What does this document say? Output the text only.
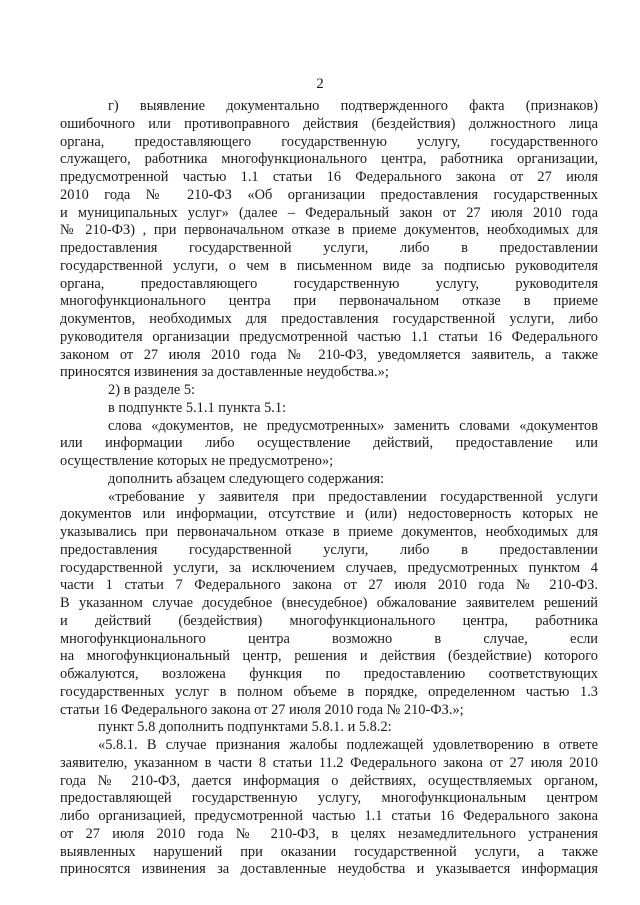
2
г) выявление документально подтвержденного факта (признаков)
ошибочного или противоправного действия (бездействия) должностного лица
органа, предоставляющего государственную услугу, государственного
служащего, работника многофункционального центра, работника организации,
предусмотренной частью 1.1 статьи 16 Федерального закона от 27 июля
2010 года № 210-ФЗ «Об организации предоставления государственных
и муниципальных услуг» (далее – Федеральный закон от 27 июля 2010 года
№ 210-ФЗ) , при первоначальном отказе в приеме документов, необходимых для
предоставления государственной услуги, либо в предоставлении
государственной услуги, о чем в письменном виде за подписью руководителя
органа, предоставляющего государственную услугу, руководителя
многофункционального центра при первоначальном отказе в приеме
документов, необходимых для предоставления государственной услуги, либо
руководителя организации предусмотренной частью 1.1 статьи 16 Федерального
законом от 27 июля 2010 года № 210-ФЗ, уведомляется заявитель, а также
приносятся извинения за доставленные неудобства.»;
2) в разделе 5:
в подпункте 5.1.1 пункта 5.1:
слова «документов, не предусмотренных» заменить словами «документов
или информации либо осуществление действий, предоставление или
осуществление которых не предусмотрено»;
дополнить абзацем следующего содержания:
«требование у заявителя при предоставлении государственной услуги
документов или информации, отсутствие и (или) недостоверность которых не
указывались при первоначальном отказе в приеме документов, необходимых для
предоставления государственной услуги, либо в предоставлении
государственной услуги, за исключением случаев, предусмотренных пунктом 4
части 1 статьи 7 Федерального закона от 27 июля 2010 года № 210-ФЗ.
В указанном случае досудебное (внесудебное) обжалование заявителем решений
и действий (бездействия) многофункционального центра, работника
многофункционального центра возможно в случае, если
на многофункциональный центр, решения и действия (бездействие) которого
обжалуются, возложена функция по предоставлению соответствующих
государственных услуг в полном объеме в порядке, определенном частью 1.3
статьи 16 Федерального закона от 27 июля 2010 года № 210-ФЗ.»;
пункт 5.8 дополнить подпунктами 5.8.1. и 5.8.2:
«5.8.1. В случае признания жалобы подлежащей удовлетворению в ответе
заявителю, указанном в части 8 статьи 11.2 Федерального закона от 27 июля 2010
года № 210-ФЗ, дается информация о действиях, осуществляемых органом,
предоставляющей государственную услугу, многофункциональным центром
либо организацией, предусмотренной частью 1.1 статьи 16 Федерального закона
от 27 июля 2010 года № 210-ФЗ, в целях незамедлительного устранения
выявленных нарушений при оказании государственной услуги, а также
приносятся извинения за доставленные неудобства и указывается информация
